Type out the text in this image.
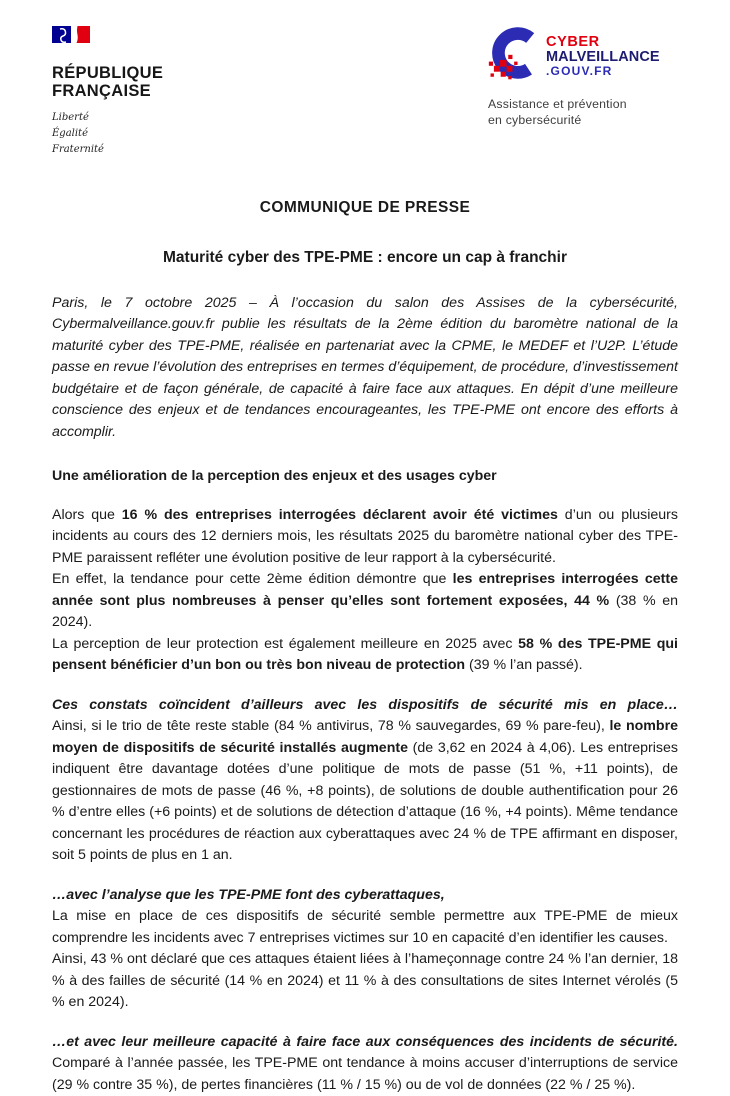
RÉPUBLIQUE
FRANÇAISE
Liberté
Égalité
Fraternité
CYBER
MALVEILLANCE
.GOUV.FR
Assistance et prévention
en cybersécurité
COMMUNIQUE DE PRESSE
Maturité cyber des TPE-PME : encore un cap à franchir
Paris, le 7 octobre 2025 – À l’occasion du salon des Assises de la cybersécurité, Cybermalveillance.gouv.fr publie les résultats de la 2ème édition du baromètre national de la maturité cyber des TPE-PME, réalisée en partenariat avec la CPME, le MEDEF et l’U2P. L’étude passe en revue l’évolution des entreprises en termes d’équipement, de procédure, d’investissement budgétaire et de façon générale, de capacité à faire face aux attaques. En dépit d’une meilleure conscience des enjeux et de tendances encourageantes, les TPE-PME ont encore des efforts à accomplir.
Une amélioration de la perception des enjeux et des usages cyber
Alors que 16 % des entreprises interrogées déclarent avoir été victimes d’un ou plusieurs incidents au cours des 12 derniers mois, les résultats 2025 du baromètre national cyber des TPE-PME paraissent refléter une évolution positive de leur rapport à la cybersécurité.
En effet, la tendance pour cette 2ème édition démontre que les entreprises interrogées cette année sont plus nombreuses à penser qu’elles sont fortement exposées, 44 % (38 % en 2024).
La perception de leur protection est également meilleure en 2025 avec 58 % des TPE-PME qui pensent bénéficier d’un bon ou très bon niveau de protection (39 % l’an passé).
Ces constats coïncident d’ailleurs avec les dispositifs de sécurité mis en place…
Ainsi, si le trio de tête reste stable (84 % antivirus, 78 % sauvegardes, 69 % pare-feu), le nombre moyen de dispositifs de sécurité installés augmente (de 3,62 en 2024 à 4,06). Les entreprises indiquent être davantage dotées d’une politique de mots de passe (51 %, +11 points), de gestionnaires de mots de passe (46 %, +8 points), de solutions de double authentification pour 26 % d’entre elles (+6 points) et de solutions de détection d’attaque (16 %, +4 points). Même tendance concernant les procédures de réaction aux cyberattaques avec 24 % de TPE affirmant en disposer, soit 5 points de plus en 1 an.
…avec l’analyse que les TPE-PME font des cyberattaques,
La mise en place de ces dispositifs de sécurité semble permettre aux TPE-PME de mieux comprendre les incidents avec 7 entreprises victimes sur 10 en capacité d’en identifier les causes.
Ainsi, 43 % ont déclaré que ces attaques étaient liées à l’hameçonnage contre 24 % l’an dernier, 18 % à des failles de sécurité (14 % en 2024) et 11 % à des consultations de sites Internet vérolés (5 % en 2024).
…et avec leur meilleure capacité à faire face aux conséquences des incidents de sécurité.
Comparé à l’année passée, les TPE-PME ont tendance à moins accuser d’interruptions de service (29 % contre 35 %), de pertes financières (11 % / 15 %) ou de vol de données (22 % / 25 %).
